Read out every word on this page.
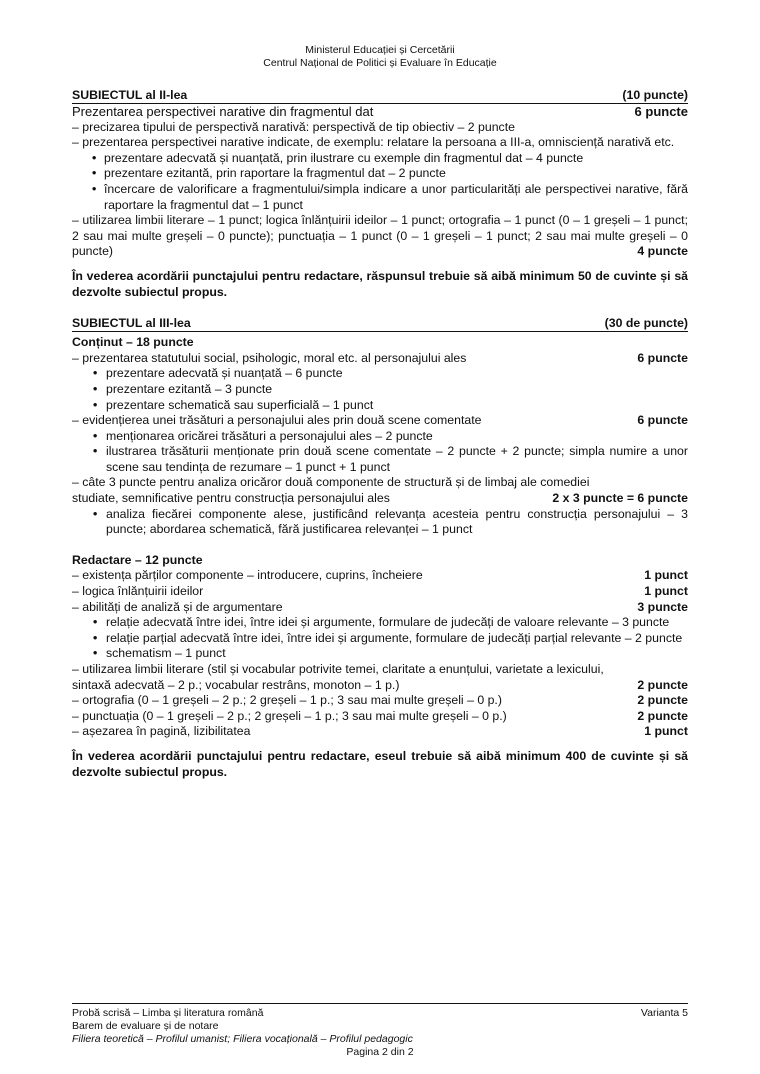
Ministerul Educației și Cercetării
Centrul Național de Politici și Evaluare în Educație
SUBIECTUL al II-lea	(10 puncte)
Prezentarea perspectivei narative din fragmentul dat	6 puncte
– precizarea tipului de perspectivă narativă: perspectivă de tip obiectiv – 2 puncte
– prezentarea perspectivei narative indicate, de exemplu: relatare la persoana a III-a, omnisciență narativă etc.
• prezentare adecvată și nuanțată, prin ilustrare cu exemple din fragmentul dat – 4 puncte
• prezentare ezitantă, prin raportare la fragmentul dat – 2 puncte
• încercare de valorificare a fragmentului/simpla indicare a unor particularități ale perspectivei narative, fără raportare la fragmentul dat – 1 punct
– utilizarea limbii literare – 1 punct; logica înlănțuirii ideilor – 1 punct; ortografia – 1 punct (0 – 1 greșeli – 1 punct; 2 sau mai multe greșeli – 0 puncte); punctuația – 1 punct (0 – 1 greșeli – 1 punct; 2 sau mai multe greșeli – 0 puncte)	4 puncte
În vederea acordării punctajului pentru redactare, răspunsul trebuie să aibă minimum 50 de cuvinte și să dezvolte subiectul propus.
SUBIECTUL al III-lea	(30 de puncte)
Conținut – 18 puncte
– prezentarea statutului social, psihologic, moral etc. al personajului ales	6 puncte
• prezentare adecvată și nuanțată – 6 puncte
• prezentare ezitantă – 3 puncte
• prezentare schematică sau superficială – 1 punct
– evidențierea unei trăsături a personajului ales prin două scene comentate	6 puncte
• menționarea oricărei trăsături a personajului ales – 2 puncte
• ilustrarea trăsăturii menționate prin două scene comentate – 2 puncte + 2 puncte; simpla numire a unor scene sau tendința de rezumare – 1 punct + 1 punct
– câte 3 puncte pentru analiza oricăror două componente de structură și de limbaj ale comediei
studiate, semnificative pentru construcția personajului ales	2 x 3 puncte = 6 puncte
• analiza fiecărei componente alese, justificând relevanța acesteia pentru construcția personajului – 3 puncte; abordarea schematică, fără justificarea relevanței – 1 punct
Redactare – 12 puncte
– existența părților componente – introducere, cuprins, încheiere	1 punct
– logica înlănțuirii ideilor	1 punct
– abilități de analiză și de argumentare	3 puncte
• relație adecvată între idei, între idei și argumente, formulare de judecăți de valoare relevante – 3 puncte
• relație parțial adecvată între idei, între idei și argumente, formulare de judecăți parțial relevante – 2 puncte
• schematism – 1 punct
– utilizarea limbii literare (stil și vocabular potrivite temei, claritate a enunțului, varietate a lexicului,
sintaxă adecvată – 2 p.; vocabular restrâns, monoton – 1 p.)	2 puncte
– ortografia (0 – 1 greșeli – 2 p.; 2 greșeli – 1 p.; 3 sau mai multe greșeli – 0 p.)	2 puncte
– punctuația (0 – 1 greșeli – 2 p.; 2 greșeli – 1 p.; 3 sau mai multe greșeli – 0 p.)	2 puncte
– așezarea în pagină, lizibilitatea	1 punct
În vederea acordării punctajului pentru redactare, eseul trebuie să aibă minimum 400 de cuvinte și să dezvolte subiectul propus.
Probă scrisă – Limba și literatura română	Varianta 5
Barem de evaluare și de notare
Filiera teoretică – Profilul umanist; Filiera vocațională – Profilul pedagogic
Pagina 2 din 2
